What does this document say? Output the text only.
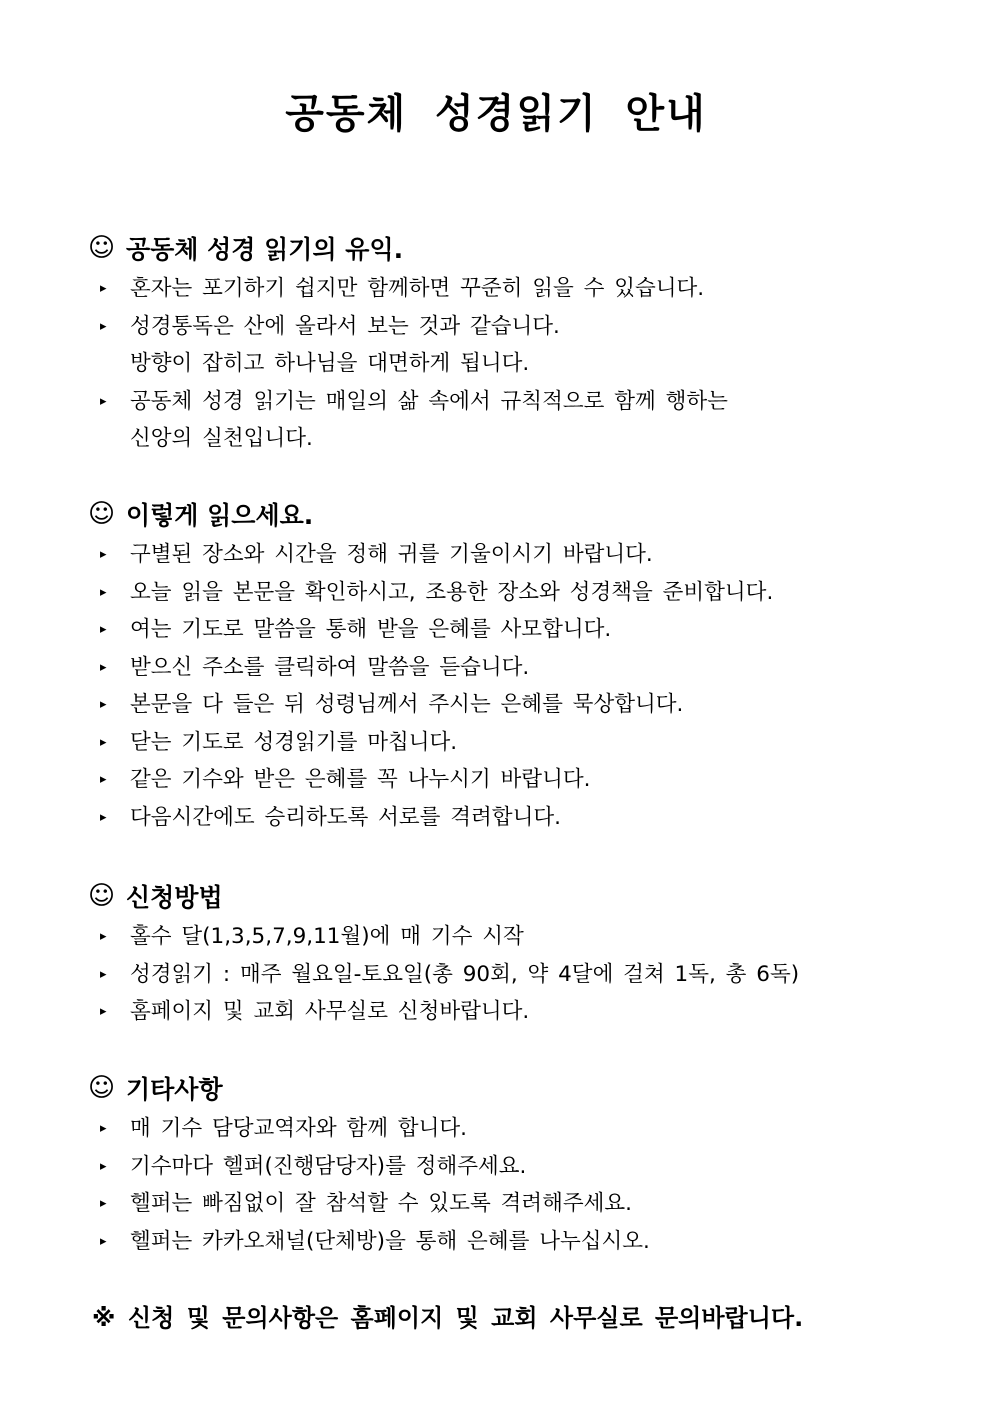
공동체 성경읽기 안내
☺ 공동체 성경 읽기의 유익.
▸	혼자는 포기하기 쉽지만 함께하면 꾸준히 읽을 수 있습니다.
▸	성경통독은 산에 올라서 보는 것과 같습니다.
방향이 잡히고 하나님을 대면하게 됩니다.
▸	공동체 성경 읽기는 매일의 삶 속에서 규칙적으로 함께 행하는
신앙의 실천입니다.
☺ 이렇게 읽으세요.
▸	구별된 장소와 시간을 정해 귀를 기울이시기 바랍니다.
▸	오늘 읽을 본문을 확인하시고, 조용한 장소와 성경책을 준비합니다.
▸	여는 기도로 말씀을 통해 받을 은혜를 사모합니다.
▸	받으신 주소를 클릭하여 말씀을 듣습니다.
▸	본문을 다 들은 뒤 성령님께서 주시는 은혜를 묵상합니다.
▸	닫는 기도로 성경읽기를 마칩니다.
▸	같은 기수와 받은 은혜를 꼭 나누시기 바랍니다.
▸	다음시간에도 승리하도록 서로를 격려합니다.
☺ 신청방법
▸	홀수 달(1,3,5,7,9,11월)에 매 기수 시작
▸	성경읽기 : 매주 월요일-토요일(총 90회, 약 4달에 걸쳐 1독, 총 6독)
▸	홈페이지 및 교회 사무실로 신청바랍니다.
☺ 기타사항
▸	매 기수 담당교역자와 함께 합니다.
▸	기수마다 헬퍼(진행담당자)를 정해주세요.
▸	헬퍼는 빠짐없이 잘 참석할 수 있도록 격려해주세요.
▸	헬퍼는 카카오채널(단체방)을 통해 은혜를 나누십시오.

※ 신청 및 문의사항은 홈페이지 및 교회 사무실로 문의바랍니다.
